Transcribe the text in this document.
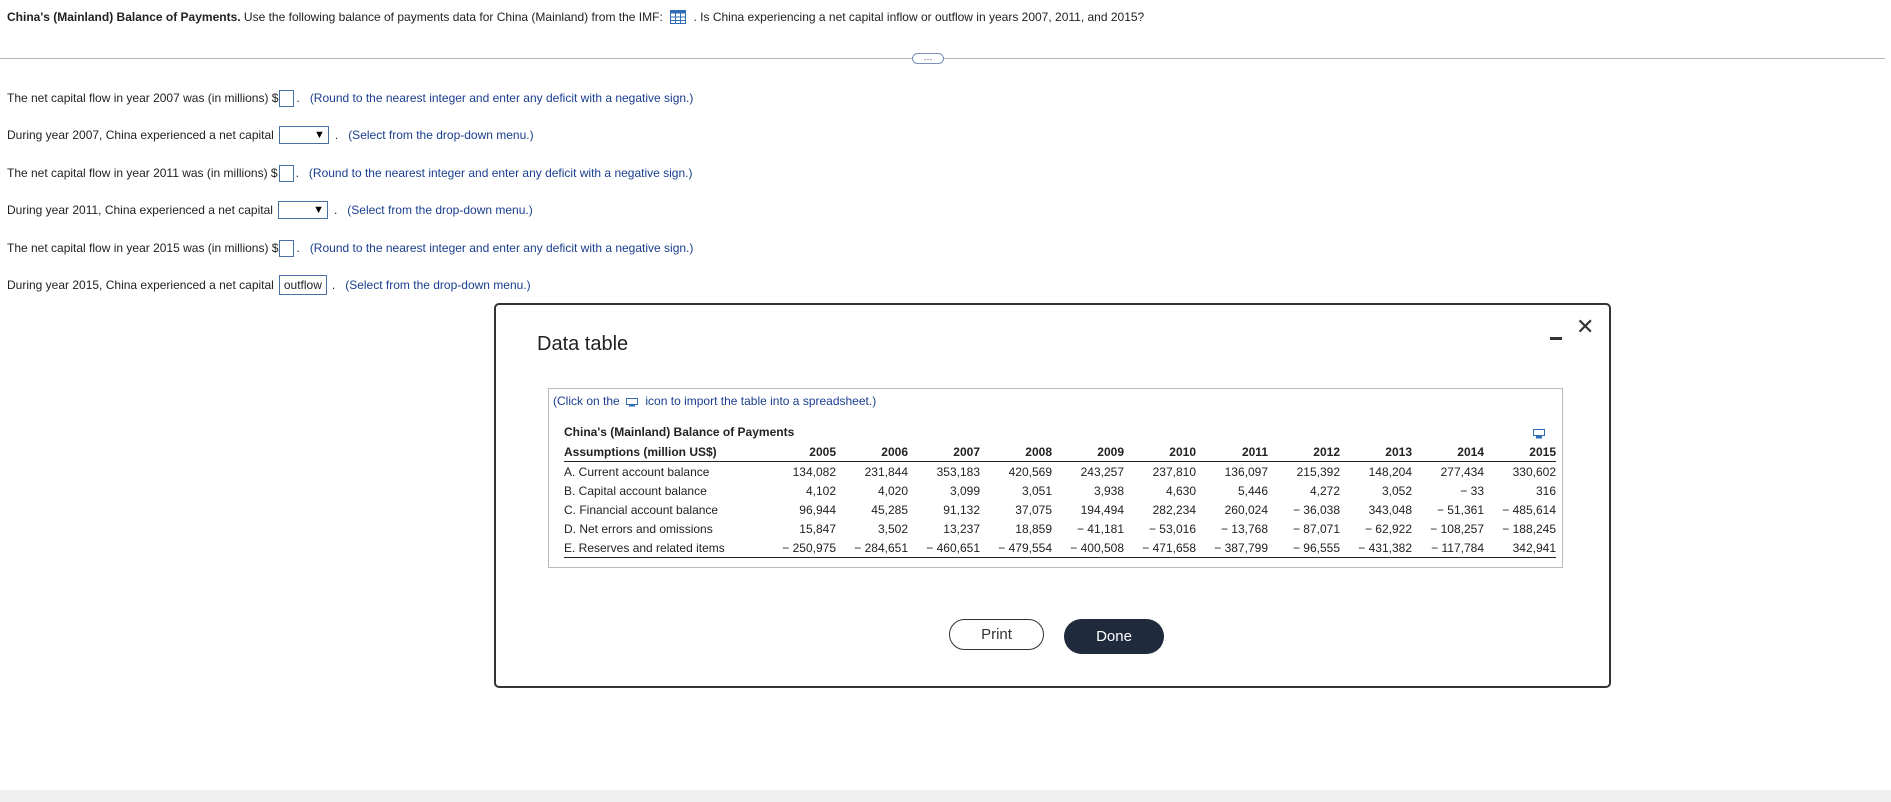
China's (Mainland) Balance of Payments. Use the following balance of payments data for China (Mainland) from the IMF:	. Is China experiencing a net capital inflow or outflow in years 2007, 2011, and 2015?
…
The net capital flow in year 2007 was (in millions) $ . (Round to the nearest integer and enter any deficit with a negative sign.)
During year 2007, China experienced a net capital	▼ . (Select from the drop-down menu.)
The net capital flow in year 2011 was (in millions) $ . (Round to the nearest integer and enter any deficit with a negative sign.)
During year 2011, China experienced a net capital	▼ . (Select from the drop-down menu.)
The net capital flow in year 2015 was (in millions) $ . (Round to the nearest integer and enter any deficit with a negative sign.)
During year 2015, China experienced a net capital outflow . (Select from the drop-down menu.)
Data table
✕
(Click on the icon to import the table into a spreadsheet.)
China's (Mainland) Balance of Payments
Assumptions (million US$)	2005	2006	2007	2008	2009	2010	2011	2012	2013	2014	2015
A. Current account balance	134,082	231,844	353,183	420,569	243,257	237,810	136,097	215,392	148,204	277,434	330,602
B. Capital account balance	4,102	4,020	3,099	3,051	3,938	4,630	5,446	4,272	3,052	− 33	316
C. Financial account balance	96,944	45,285	91,132	37,075	194,494	282,234	260,024	− 36,038	343,048	− 51,361	− 485,614
D. Net errors and omissions	15,847	3,502	13,237	18,859	− 41,181	− 53,016	− 13,768	− 87,071	− 62,922	− 108,257	− 188,245
E. Reserves and related items	− 250,975	− 284,651	− 460,651	− 479,554	− 400,508	− 471,658	− 387,799	− 96,555	− 431,382	− 117,784	342,941
Print	Done
